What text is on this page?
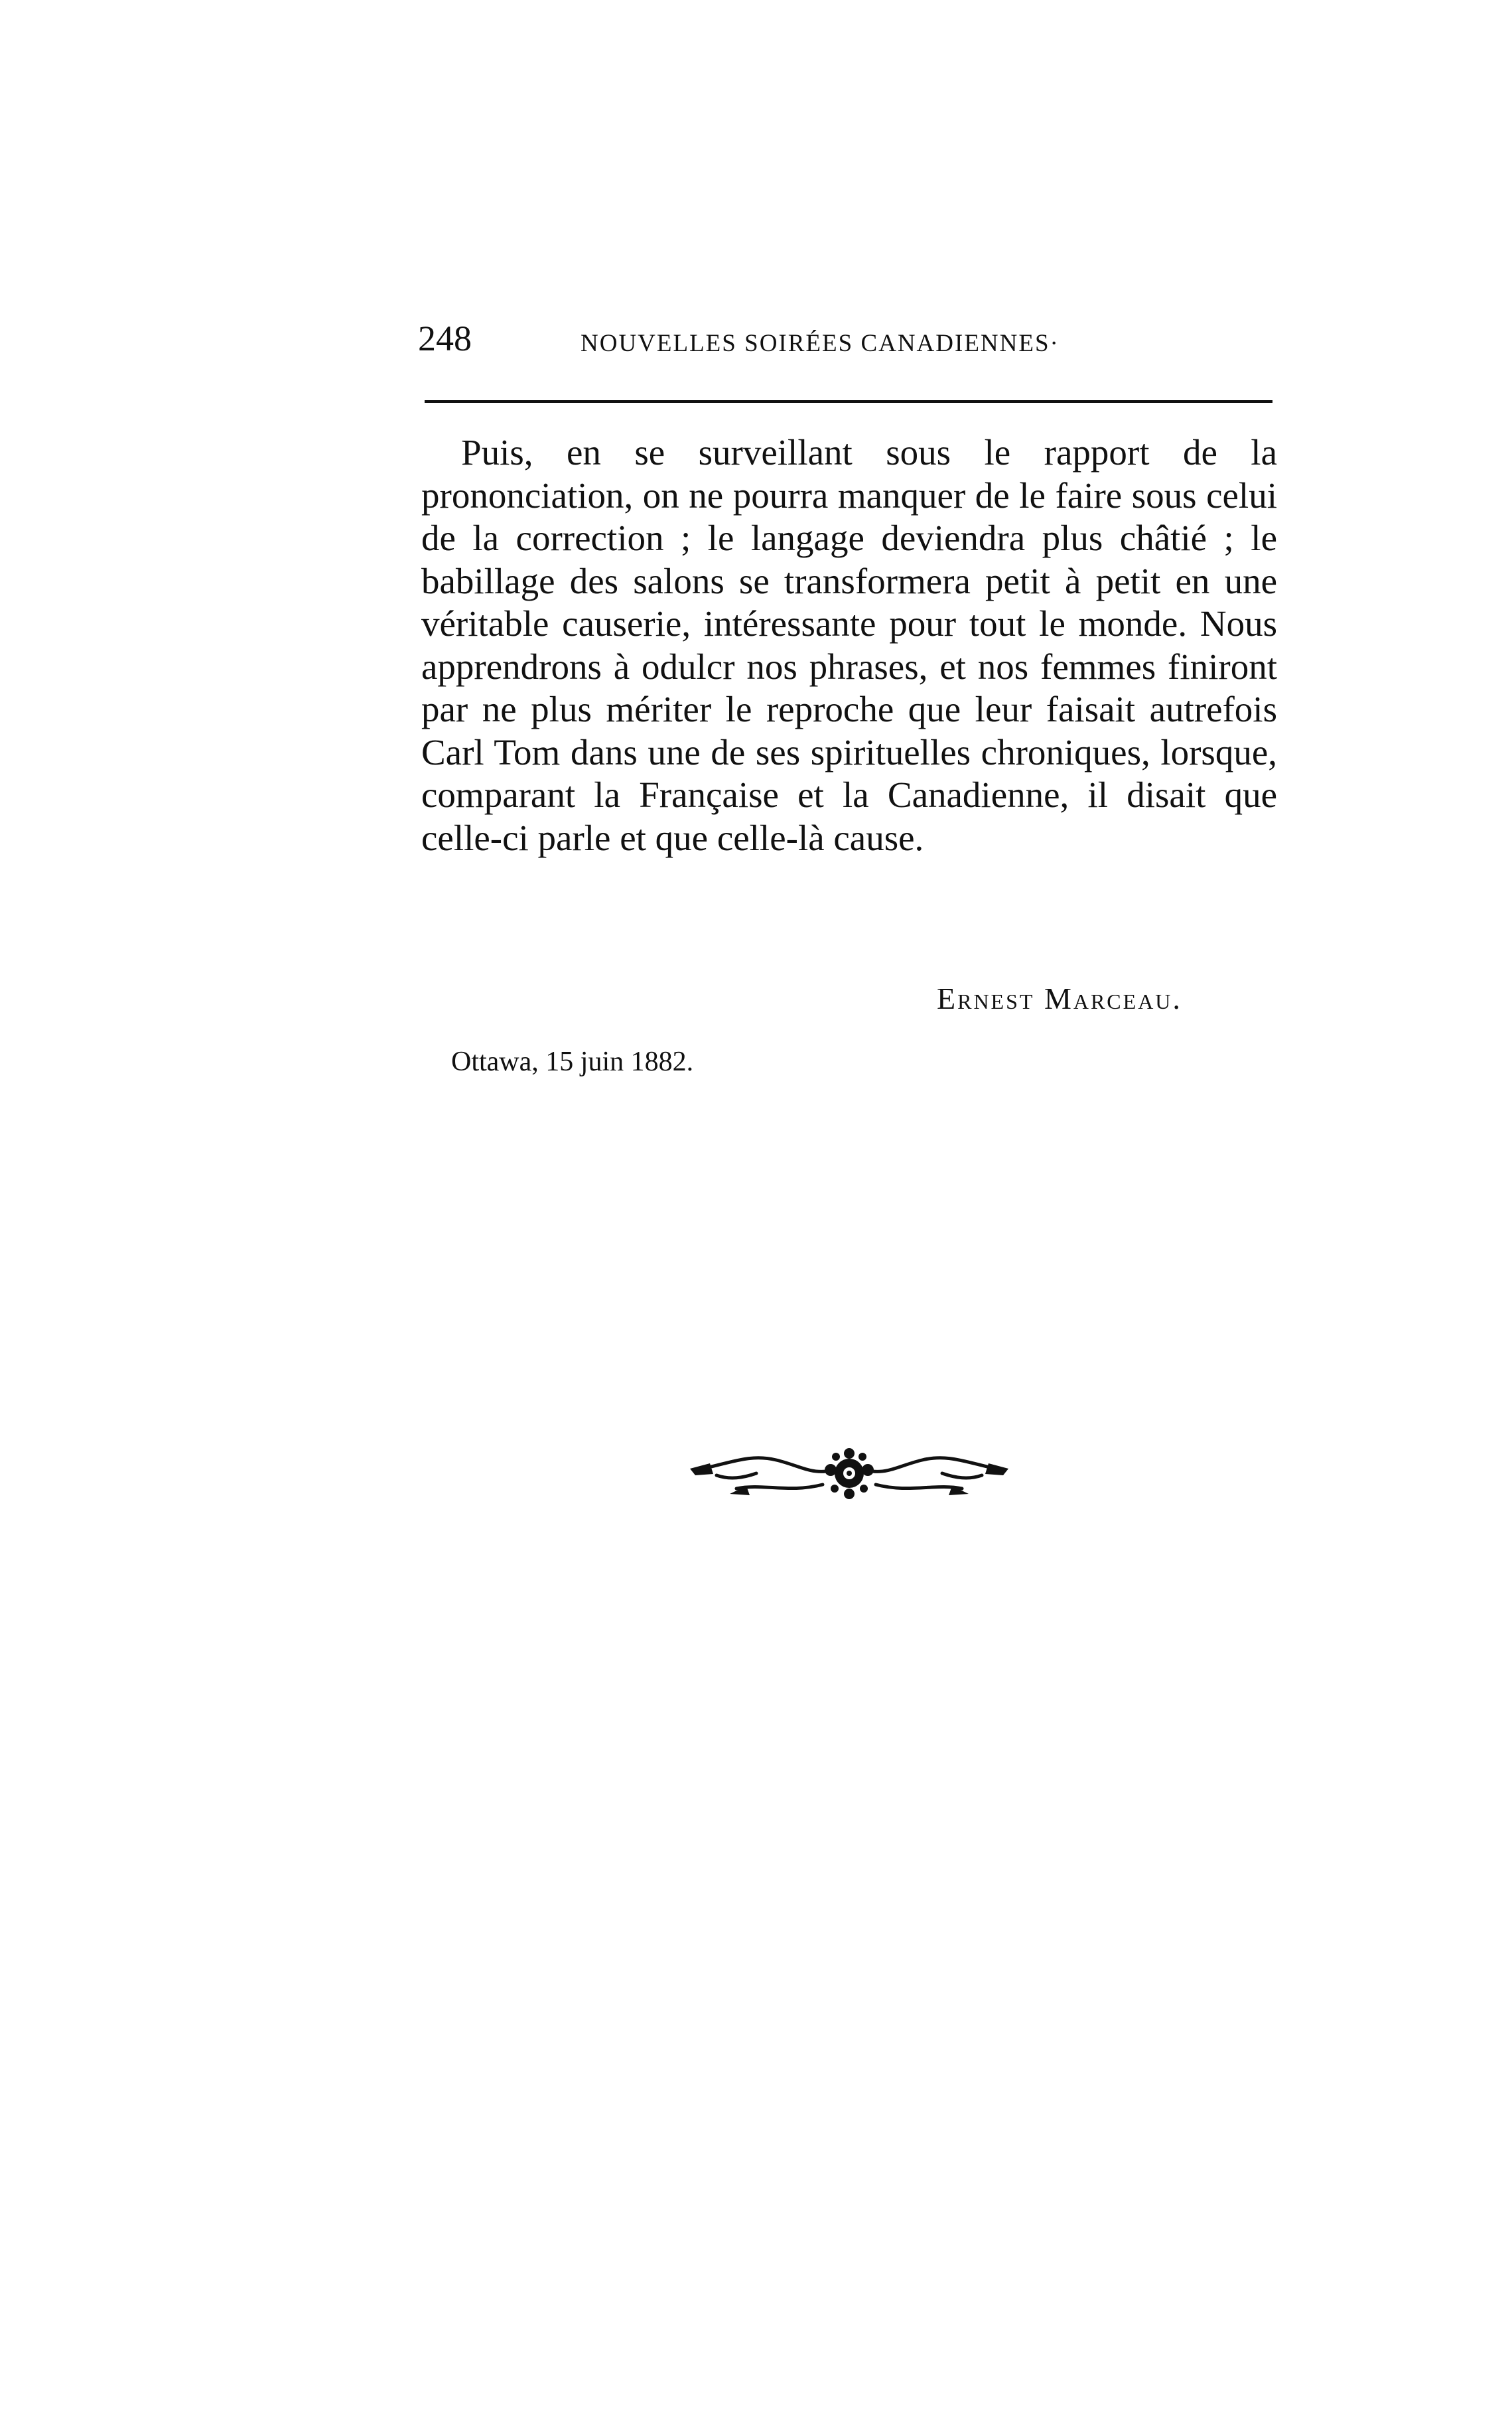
248	NOUVELLES SOIRÉES CANADIENNES·

Puis, en se surveillant sous le rapport de la prononciation, on ne pourra manquer de le faire sous celui de la correction ; le langage deviendra plus châtié ; le babillage des salons se transformera petit à petit en une véritable causerie, intéressante pour tout le monde. Nous apprendrons à odulcr nos phrases, et nos femmes finiront par ne plus mériter le reproche que leur faisait autrefois Carl Tom dans une de ses spirituelles chroniques, lorsque, comparant la Française et la Canadienne, il disait que celle-ci parle et que celle-là cause.

Ernest Marceau.
Ottawa, 15 juin 1882.
